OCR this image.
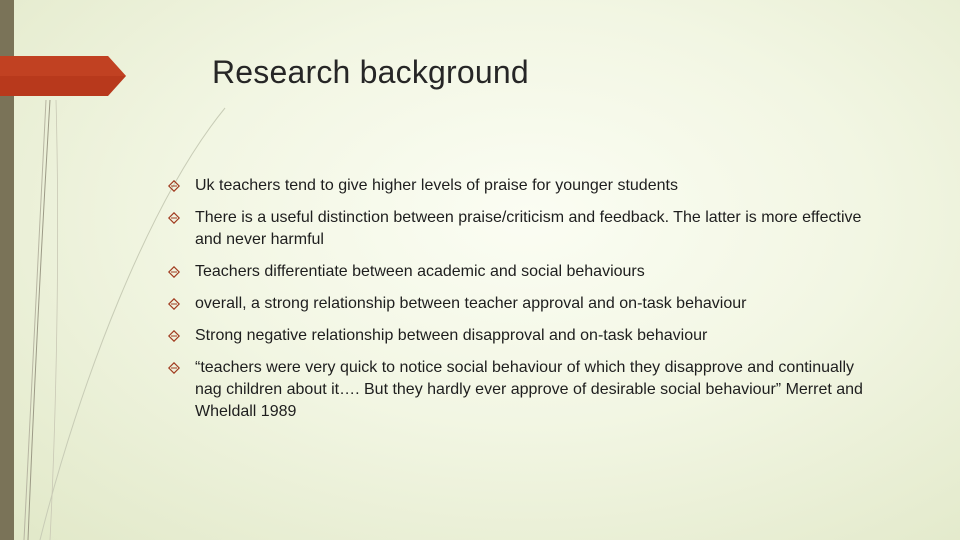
Research background
Uk teachers tend to give higher levels of praise for younger students
There is a useful distinction between praise/criticism and feedback. The latter is more effective and never harmful
Teachers differentiate between academic and social behaviours
overall, a strong relationship between teacher approval and on-task behaviour
Strong negative relationship between disapproval and on-task behaviour
“teachers were very quick to notice social behaviour of which they disapprove and continually nag children about it…. But they hardly ever approve of desirable social behaviour” Merret and Wheldall 1989
